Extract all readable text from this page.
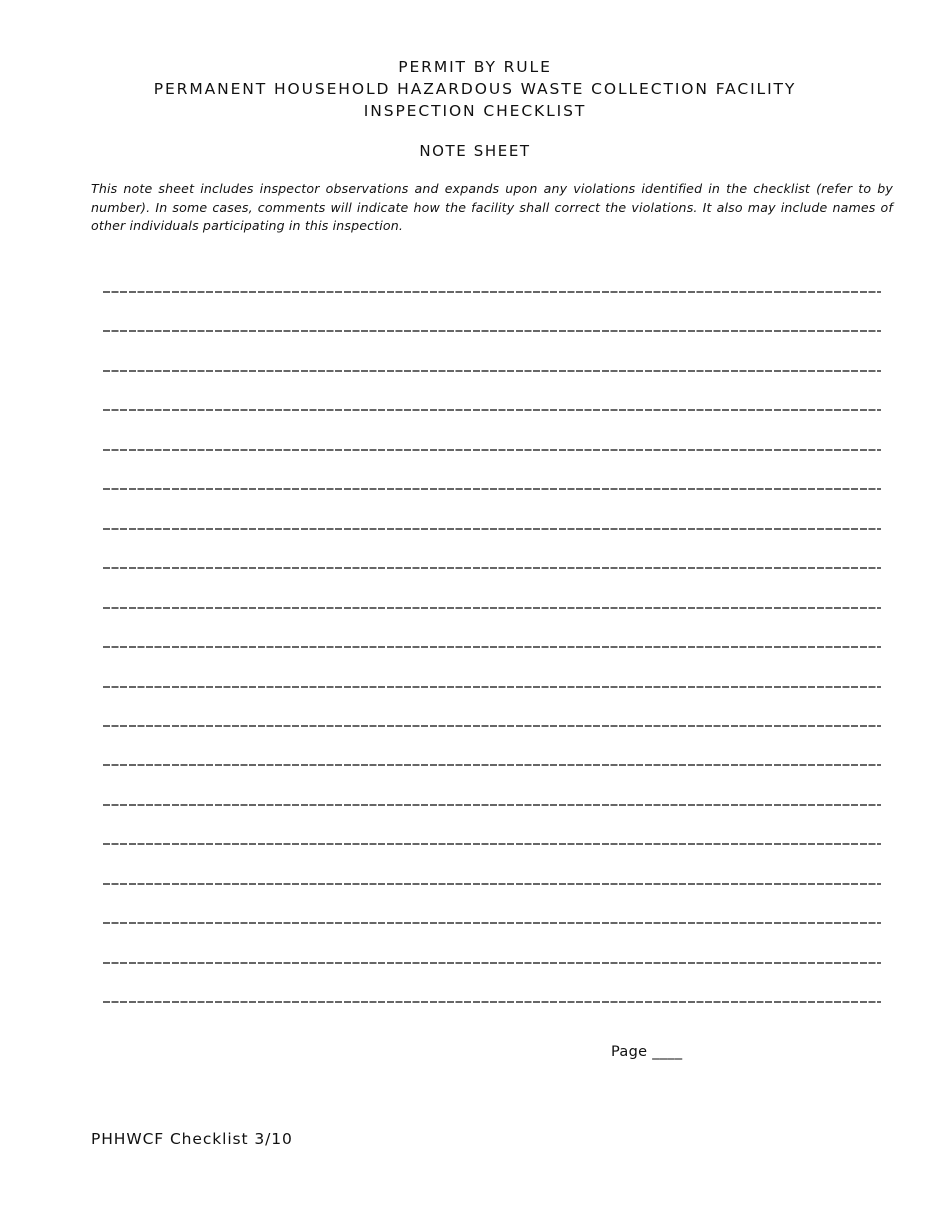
PERMIT BY RULE
PERMANENT HOUSEHOLD HAZARDOUS WASTE COLLECTION FACILITY
INSPECTION CHECKLIST
NOTE SHEET
This note sheet includes inspector observations and expands upon any violations identified in the checklist (refer to by number). In some cases, comments will indicate how the facility shall correct the violations. It also may include names of other individuals participating in this inspection.
Page ____
PHHWCF Checklist 3/10
